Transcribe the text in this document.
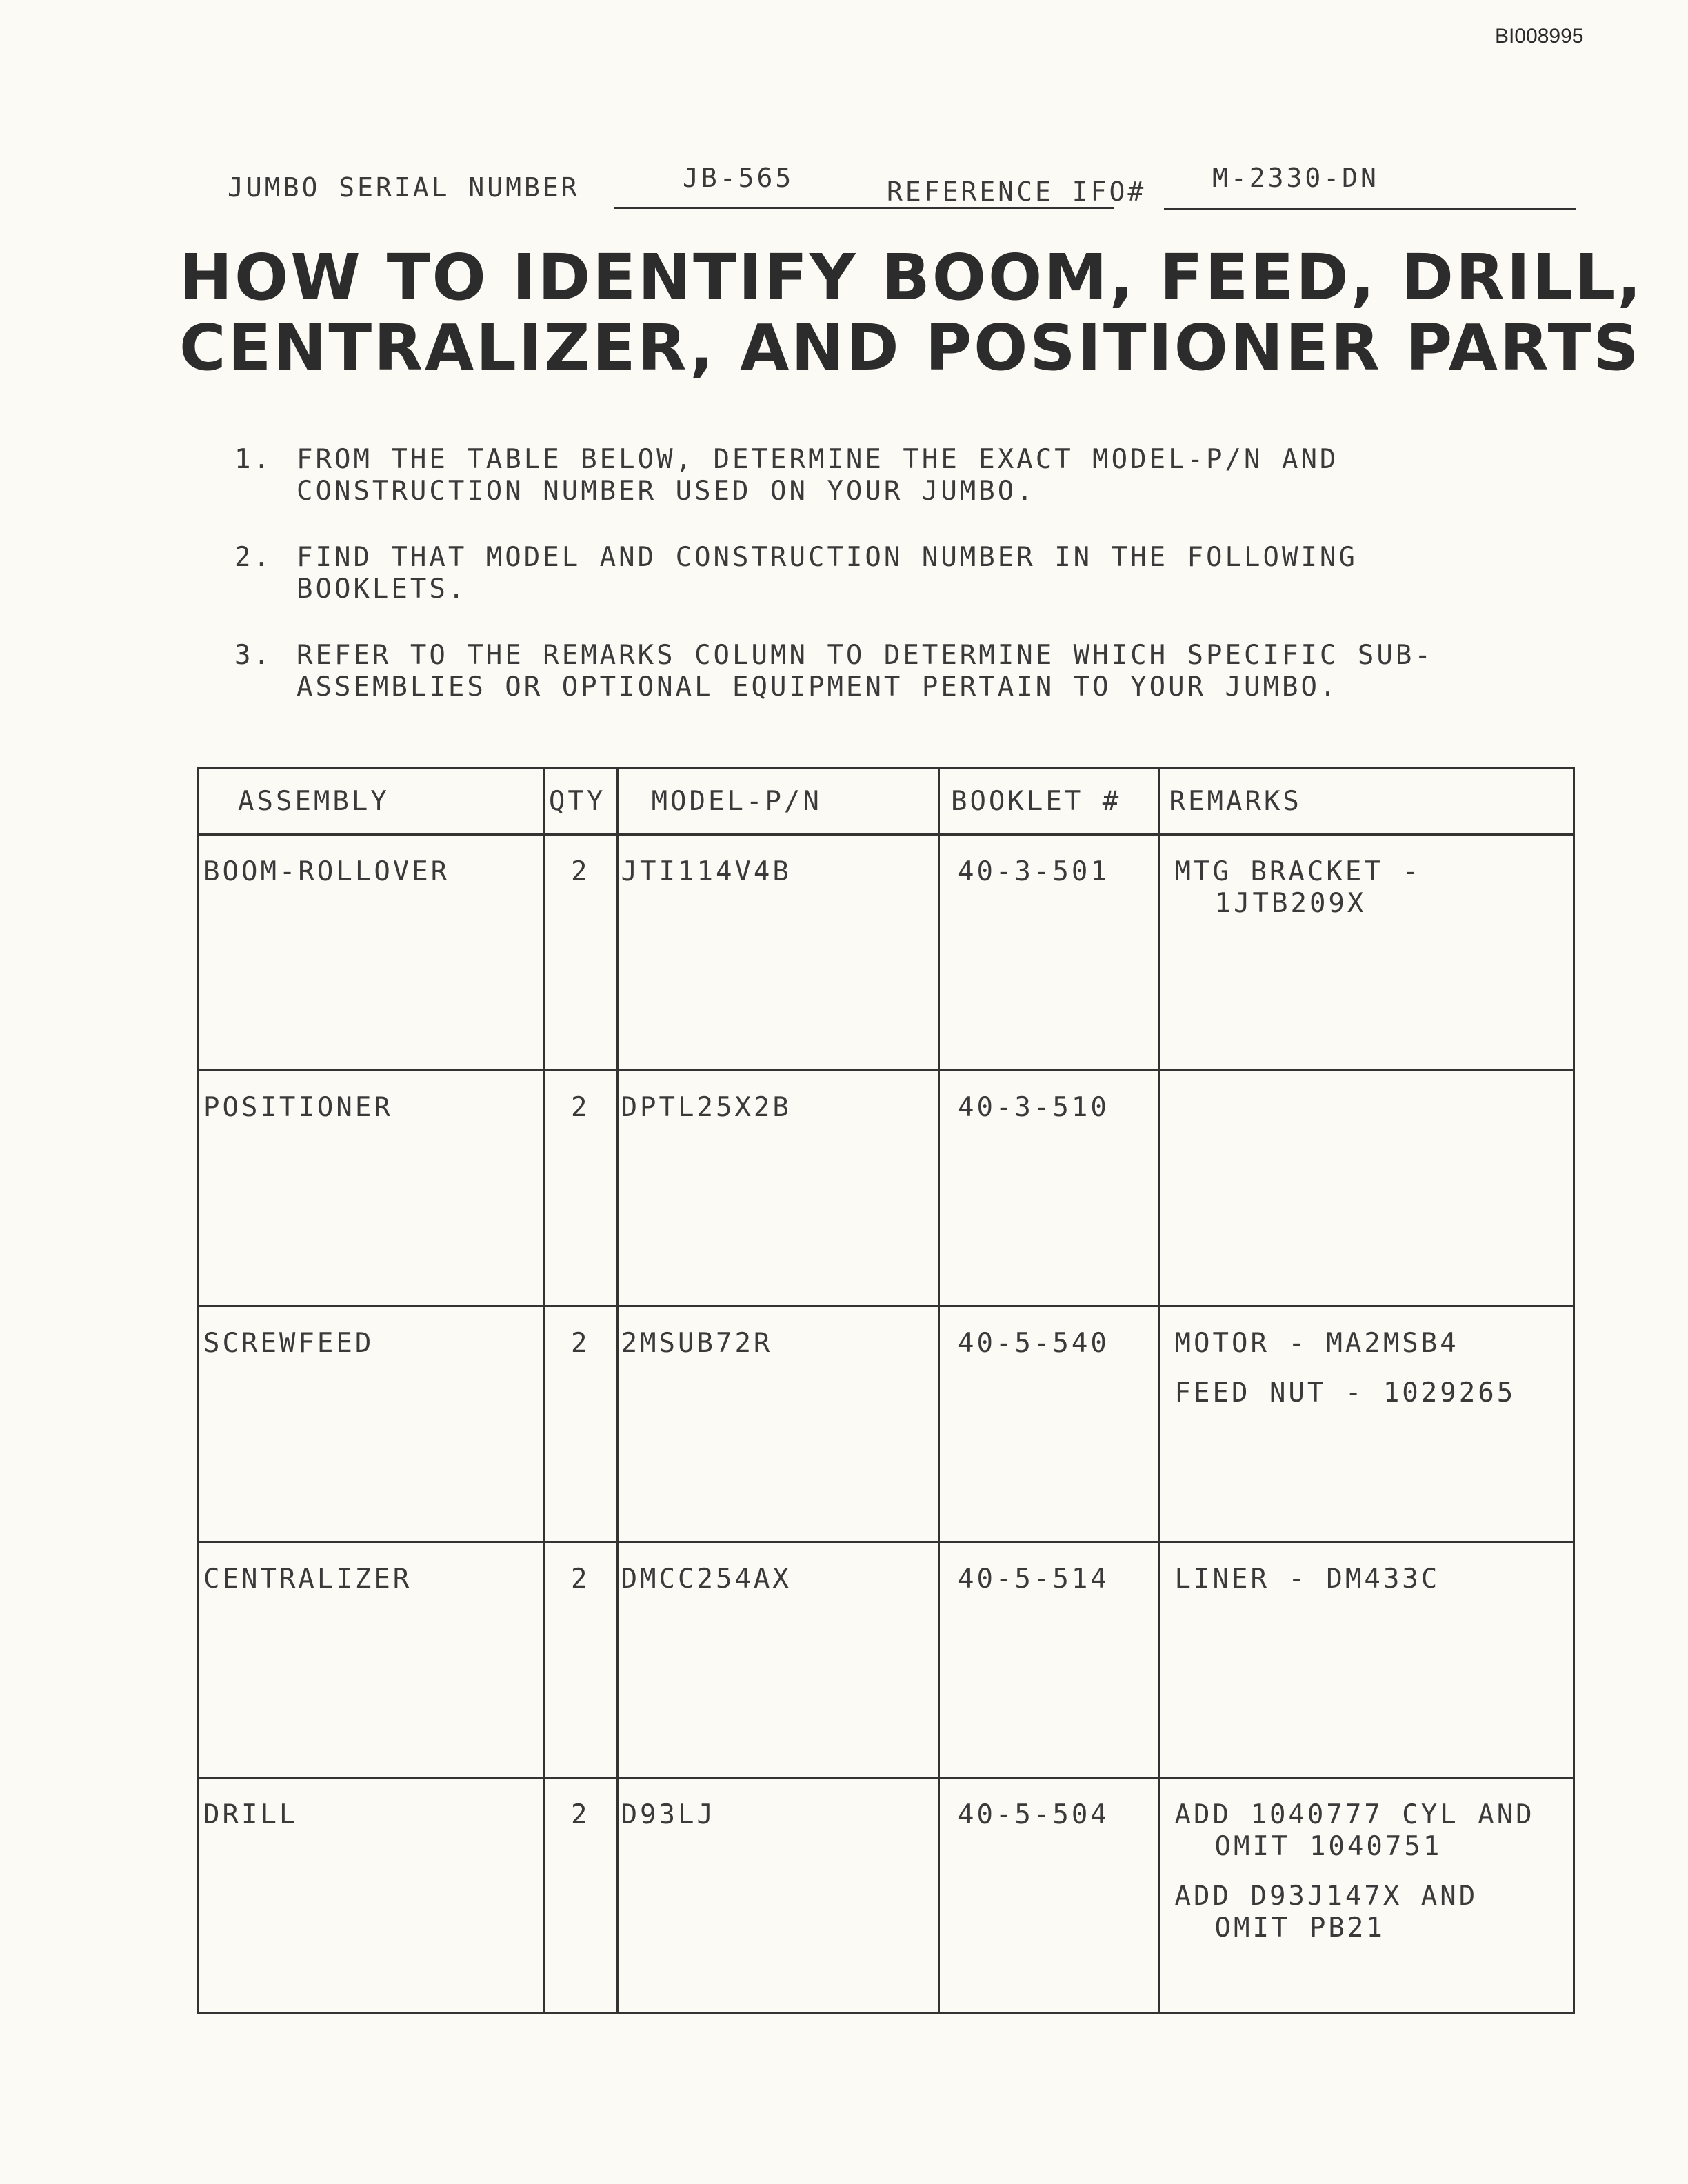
BI008995
JUMBO SERIAL NUMBER	JB-565	REFERENCE IFO#	M-2330-DN
HOW TO IDENTIFY BOOM, FEED, DRILL,
CENTRALIZER, AND POSITIONER PARTS
1. FROM THE TABLE BELOW, DETERMINE THE EXACT MODEL-P/N AND CONSTRUCTION NUMBER USED ON YOUR JUMBO.
2. FIND THAT MODEL AND CONSTRUCTION NUMBER IN THE FOLLOWING BOOKLETS.
3. REFER TO THE REMARKS COLUMN TO DETERMINE WHICH SPECIFIC SUB-ASSEMBLIES OR OPTIONAL EQUIPMENT PERTAIN TO YOUR JUMBO.
ASSEMBLY	QTY	MODEL-P/N	BOOKLET #	REMARKS

BOOM-ROLLOVER	2	JTI114V4B	40-3-501	MTG BRACKET -
1JTB209X

POSITIONER	2	DPTL25X2B	40-3-510	

SCREWFEED	2	2MSUB72R	40-5-540	MOTOR - MA2MSB4
FEED NUT - 1029265

CENTRALIZER	2	DMCC254AX	40-5-514	LINER - DM433C

DRILL	2	D93LJ	40-5-504	ADD 1040777 CYL AND
OMIT 1040751
ADD D93J147X AND
OMIT PB21
